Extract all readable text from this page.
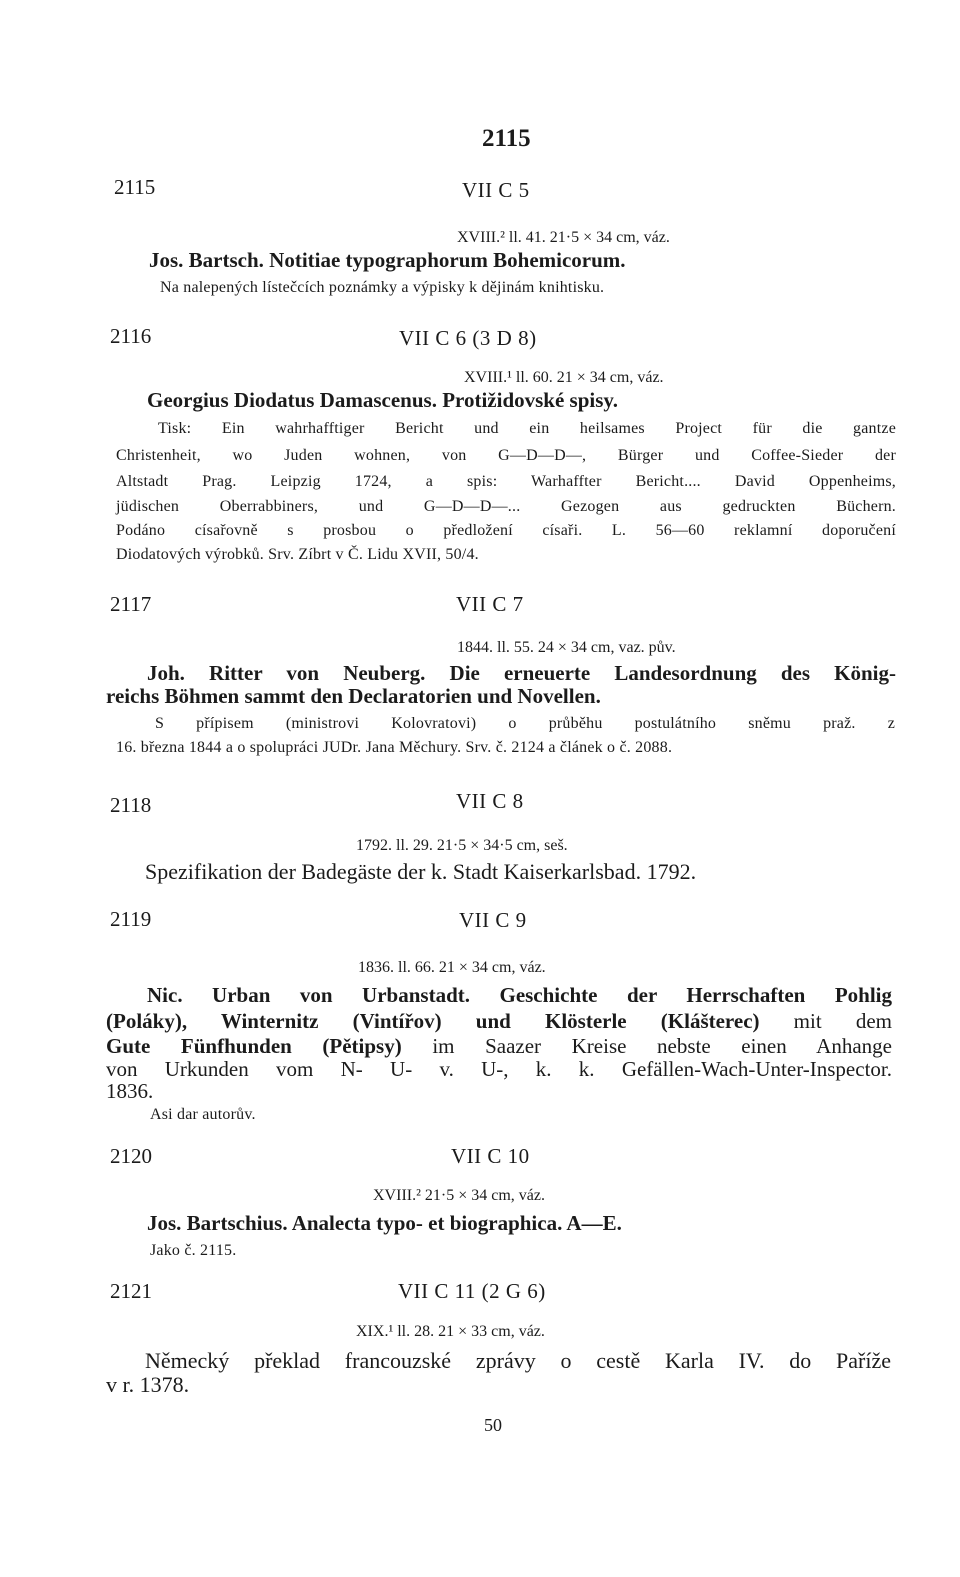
2115
2115	VII C 5
XVIII.² ll. 41. 21·5 × 34 cm, váz.
Jos. Bartsch. Notitiae typographorum Bohemicorum.
Na nalepených lístečcích poznámky a výpisky k dějinám knihtisku.
2116	VII C 6 (3 D 8)
XVIII.¹ ll. 60. 21 × 34 cm, váz.
Georgius Diodatus Damascenus. Protižidovské spisy.
Tisk: Ein wahrhafftiger Bericht und ein heilsames Project für die gantze
Christenheit, wo Juden wohnen, von G—D—D—, Bürger und Coffee-Sieder der
Altstadt Prag. Leipzig 1724, a spis: Warhaffter Bericht.... David Oppenheims,
jüdischen Oberrabbiners, und G—D—D—... Gezogen aus gedruckten Büchern.
Podáno císařovně s prosbou o předložení císaři. L. 56—60 reklamní doporučení
Diodatových výrobků. Srv. Zíbrt v Č. Lidu XVII, 50/4.
2117	VII C 7
1844. ll. 55. 24 × 34 cm, vaz. pův.
Joh. Ritter von Neuberg. Die erneuerte Landesordnung des König-
reichs Böhmen sammt den Declaratorien und Novellen.
S přípisem (ministrovi Kolovratovi) o průběhu postulátního sněmu praž. z
16. března 1844 a o spolupráci JUDr. Jana Měchury. Srv. č. 2124 a článek o č. 2088.
2118	VII C 8
1792. ll. 29. 21·5 × 34·5 cm, seš.
Spezifikation der Badegäste der k. Stadt Kaiserkarlsbad. 1792.
2119	VII C 9
1836. ll. 66. 21 × 34 cm, váz.
Nic. Urban von Urbanstadt. Geschichte der Herrschaften Pohlig
(Poláky), Winternitz (Vintířov) und Klösterle (Klášterec) mit dem
Gute Fünfhunden (Pětipsy) im Saazer Kreise nebste einen Anhange
von Urkunden vom N- U- v. U-, k. k. Gefällen-Wach-Unter-Inspector.
1836.
Asi dar autorův.
2120	VII C 10
XVIII.² 21·5 × 34 cm, váz.
Jos. Bartschius. Analecta typo- et biographica. A—E.
Jako č. 2115.
2121	VII C 11 (2 G 6)
XIX.¹ ll. 28. 21 × 33 cm, váz.
Německý překlad francouzské zprávy o cestě Karla IV. do Paříže
v r. 1378.
50
